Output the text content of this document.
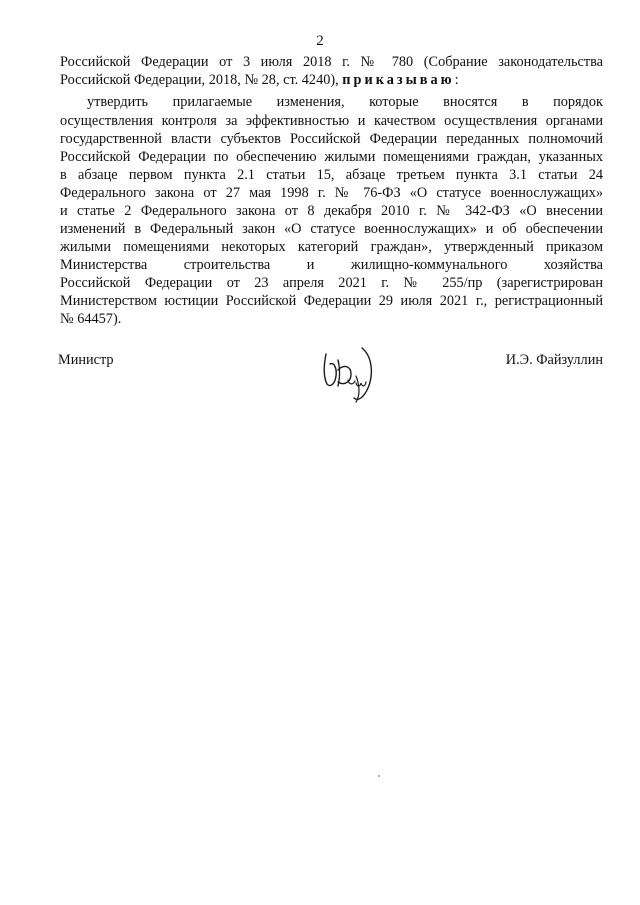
2
Российской Федерации от 3 июля 2018 г. № 780 (Собрание законодательства
Российской Федерации, 2018, № 28, ст. 4240), приказываю:
утвердить прилагаемые изменения, которые вносятся в порядок
осуществления контроля за эффективностью и качеством осуществления органами
государственной власти субъектов Российской Федерации переданных полномочий
Российской Федерации по обеспечению жилыми помещениями граждан, указанных
в абзаце первом пункта 2.1 статьи 15, абзаце третьем пункта 3.1 статьи 24
Федерального закона от 27 мая 1998 г. № 76-ФЗ «О статусе военнослужащих»
и статье 2 Федерального закона от 8 декабря 2010 г. № 342-ФЗ «О внесении
изменений в Федеральный закон «О статусе военнослужащих» и об обеспечении
жилыми помещениями некоторых категорий граждан», утвержденный приказом
Министерства строительства и жилищно-коммунального хозяйства
Российской Федерации от 23 апреля 2021 г. № 255/пр (зарегистрирован
Министерством юстиции Российской Федерации 29 июля 2021 г., регистрационный
№ 64457).
Министр	И.Э. Файзуллин
